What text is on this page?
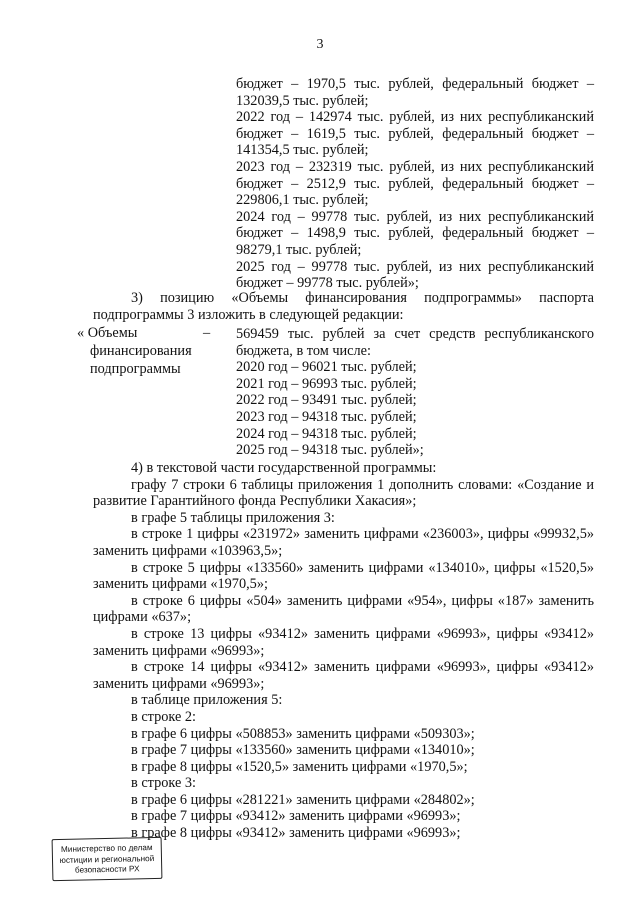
3

бюджет – 1970,5 тыс. рублей, федеральный бюджет –

132039,5 тыс. рублей;

2022 год – 142974 тыс. рублей, из них республиканский

бюджет – 1619,5 тыс. рублей, федеральный бюджет –

141354,5 тыс. рублей;

2023 год – 232319 тыс. рублей, из них республиканский

бюджет – 2512,9 тыс. рублей, федеральный бюджет –

229806,1 тыс. рублей;

2024 год – 99778 тыс. рублей, из них республиканский

бюджет – 1498,9 тыс. рублей, федеральный бюджет –

98279,1 тыс. рублей;

2025 год – 99778 тыс. рублей, из них республиканский

бюджет – 99778 тыс. рублей»;

3)    позицию    «Объемы    финансирования    подпрограммы»    паспорта

подпрограммы 3 изложить в следующей редакции:

« Объемы

финансирования

подпрограммы

– 569459 тыс. рублей за счет средств республиканского

бюджета, в том числе:

2020 год – 96021 тыс. рублей;

2021 год – 96993 тыс. рублей;

2022 год – 93491 тыс. рублей;

2023 год – 94318 тыс. рублей;

2024 год – 94318 тыс. рублей;

2025 год – 94318 тыс. рублей»;

4) в текстовой части государственной программы:

графу 7 строки 6 таблицы приложения 1 дополнить словами: «Создание и

развитие Гарантийного фонда Республики Хакасия»;

в графе 5 таблицы приложения 3:

в строке 1 цифры «231972» заменить цифрами «236003», цифры «99932,5»

заменить цифрами «103963,5»;

в строке 5 цифры «133560» заменить цифрами «134010», цифры «1520,5»

заменить цифрами «1970,5»;

в строке 6 цифры «504» заменить цифрами «954», цифры «187» заменить

цифрами «637»;

в строке 13 цифры «93412» заменить цифрами «96993», цифры «93412»

заменить цифрами «96993»;

в строке 14 цифры «93412» заменить цифрами «96993», цифры «93412»

заменить цифрами «96993»;

в таблице приложения 5:

в строке 2:

в графе 6 цифры «508853» заменить цифрами «509303»;

в графе 7 цифры «133560» заменить цифрами «134010»;

в графе 8 цифры «1520,5» заменить цифрами «1970,5»;

в строке 3:

в графе 6 цифры «281221» заменить цифрами «284802»;

в графе 7 цифры «93412» заменить цифрами «96993»;

в графе 8 цифры «93412» заменить цифрами «96993»;

Министерство по делам
юстиции и региональной
безопасности РХ
